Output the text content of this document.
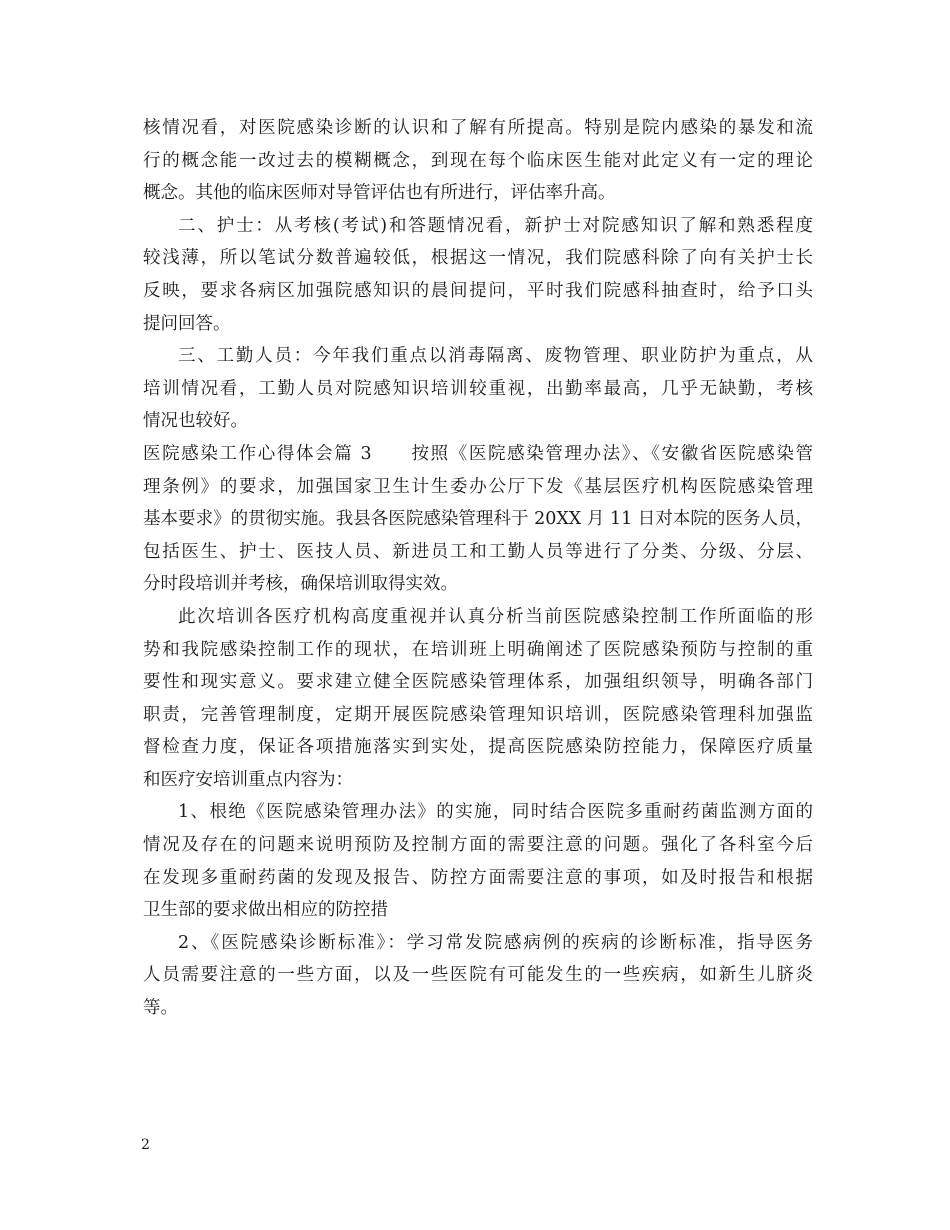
核情况看，对医院感染诊断的认识和了解有所提高。特别是院内感染的暴发和流
行的概念能一改过去的模糊概念，到现在每个临床医生能对此定义有一定的理论
概念。其他的临床医师对导管评估也有所进行，评估率升高。
二、护士：从考核(考试)和答题情况看，新护士对院感知识了解和熟悉程度
较浅薄，所以笔试分数普遍较低，根据这一情况，我们院感科除了向有关护士长
反映，要求各病区加强院感知识的晨间提问，平时我们院感科抽查时，给予口头
提问回答。
三、工勤人员：今年我们重点以消毒隔离、废物管理、职业防护为重点，从
培训情况看，工勤人员对院感知识培训较重视，出勤率最高，几乎无缺勤，考核
情况也较好。
医院感染工作心得体会篇 3　　按照《医院感染管理办法》、《安徽省医院感染管
理条例》的要求，加强国家卫生计生委办公厅下发《基层医疗机构医院感染管理
基本要求》的贯彻实施。我县各医院感染管理科于 20XX 月 11 日对本院的医务人员，
包括医生、护士、医技人员、新进员工和工勤人员等进行了分类、分级、分层、
分时段培训并考核，确保培训取得实效。
此次培训各医疗机构高度重视并认真分析当前医院感染控制工作所面临的形
势和我院感染控制工作的现状，在培训班上明确阐述了医院感染预防与控制的重
要性和现实意义。要求建立健全医院感染管理体系，加强组织领导，明确各部门
职责，完善管理制度，定期开展医院感染管理知识培训，医院感染管理科加强监
督检查力度，保证各项措施落实到实处，提高医院感染防控能力，保障医疗质量
和医疗安培训重点内容为：
1、根绝《医院感染管理办法》的实施，同时结合医院多重耐药菌监测方面的
情况及存在的问题来说明预防及控制方面的需要注意的问题。强化了各科室今后
在发现多重耐药菌的发现及报告、防控方面需要注意的事项，如及时报告和根据
卫生部的要求做出相应的防控措
2、《医院感染诊断标准》：学习常发院感病例的疾病的诊断标准，指导医务
人员需要注意的一些方面，以及一些医院有可能发生的一些疾病，如新生儿脐炎
等。
2
